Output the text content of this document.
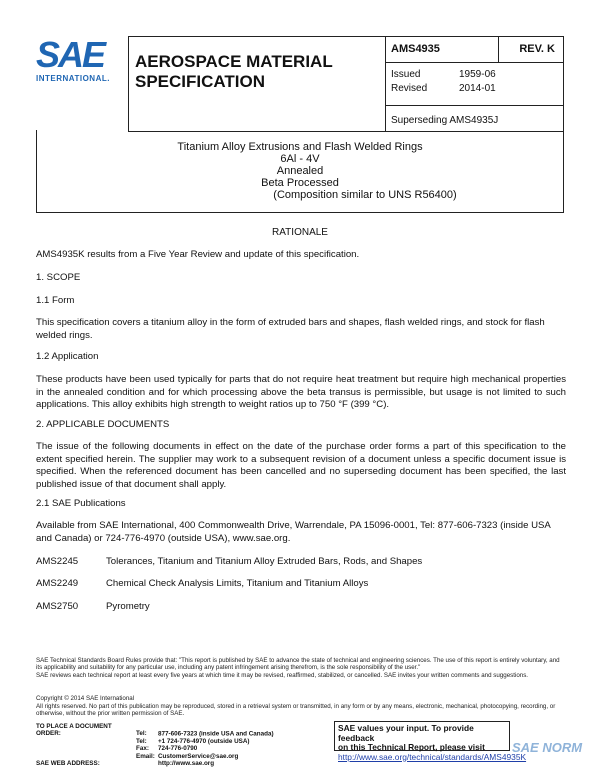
SAE
INTERNATIONAL.
AEROSPACE MATERIAL
SPECIFICATION
AMS4935	REV. K
Issued	1959-06
Revised	2014-01
Superseding AMS4935J
Titanium Alloy Extrusions and Flash Welded Rings
6Al - 4V
Annealed
Beta Processed
(Composition similar to UNS R56400)
RATIONALE
AMS4935K results from a Five Year Review and update of this specification.
1. SCOPE
1.1 Form
This specification covers a titanium alloy in the form of extruded bars and shapes, flash welded rings, and stock for flash welded rings.
1.2 Application
These products have been used typically for parts that do not require heat treatment but require high mechanical properties in the annealed condition and for which processing above the beta transus is permissible, but usage is not limited to such applications. This alloy exhibits high strength to weight ratios up to 750 °F (399 °C).
2. APPLICABLE DOCUMENTS
The issue of the following documents in effect on the date of the purchase order forms a part of this specification to the extent specified herein. The supplier may work to a subsequent revision of a document unless a specific document issue is specified. When the referenced document has been cancelled and no superseding document has been specified, the last published issue of that document shall apply.
2.1 SAE Publications
Available from SAE International, 400 Commonwealth Drive, Warrendale, PA 15096-0001, Tel: 877-606-7323 (inside USA and Canada) or 724-776-4970 (outside USA), www.sae.org.
AMS2245	Tolerances, Titanium and Titanium Alloy Extruded Bars, Rods, and Shapes
AMS2249	Chemical Check Analysis Limits, Titanium and Titanium Alloys
AMS2750	Pyrometry
SAE Technical Standards Board Rules provide that: "This report is published by SAE to advance the state of technical and engineering sciences. The use of this report is entirely voluntary, and its applicability and suitability for any particular use, including any patent infringement arising therefrom, is the sole responsibility of the user."
SAE reviews each technical report at least every five years at which time it may be revised, reaffirmed, stabilized, or cancelled. SAE invites your written comments and suggestions.
Copyright © 2014 SAE International
All rights reserved. No part of this publication may be reproduced, stored in a retrieval system or transmitted, in any form or by any means, electronic, mechanical, photocopying, recording, or otherwise, without the prior written permission of SAE.
TO PLACE A DOCUMENT ORDER:	Tel: 877-606-7323 (inside USA and Canada)
Tel: +1 724-776-4970 (outside USA)
Fax: 724-776-0790
Email: CustomerService@sae.org
SAE WEB ADDRESS:	http://www.sae.org
SAE values your input. To provide feedback
on this Technical Report, please visit
http://www.sae.org/technical/standards/AMS4935K
SAE NORM
